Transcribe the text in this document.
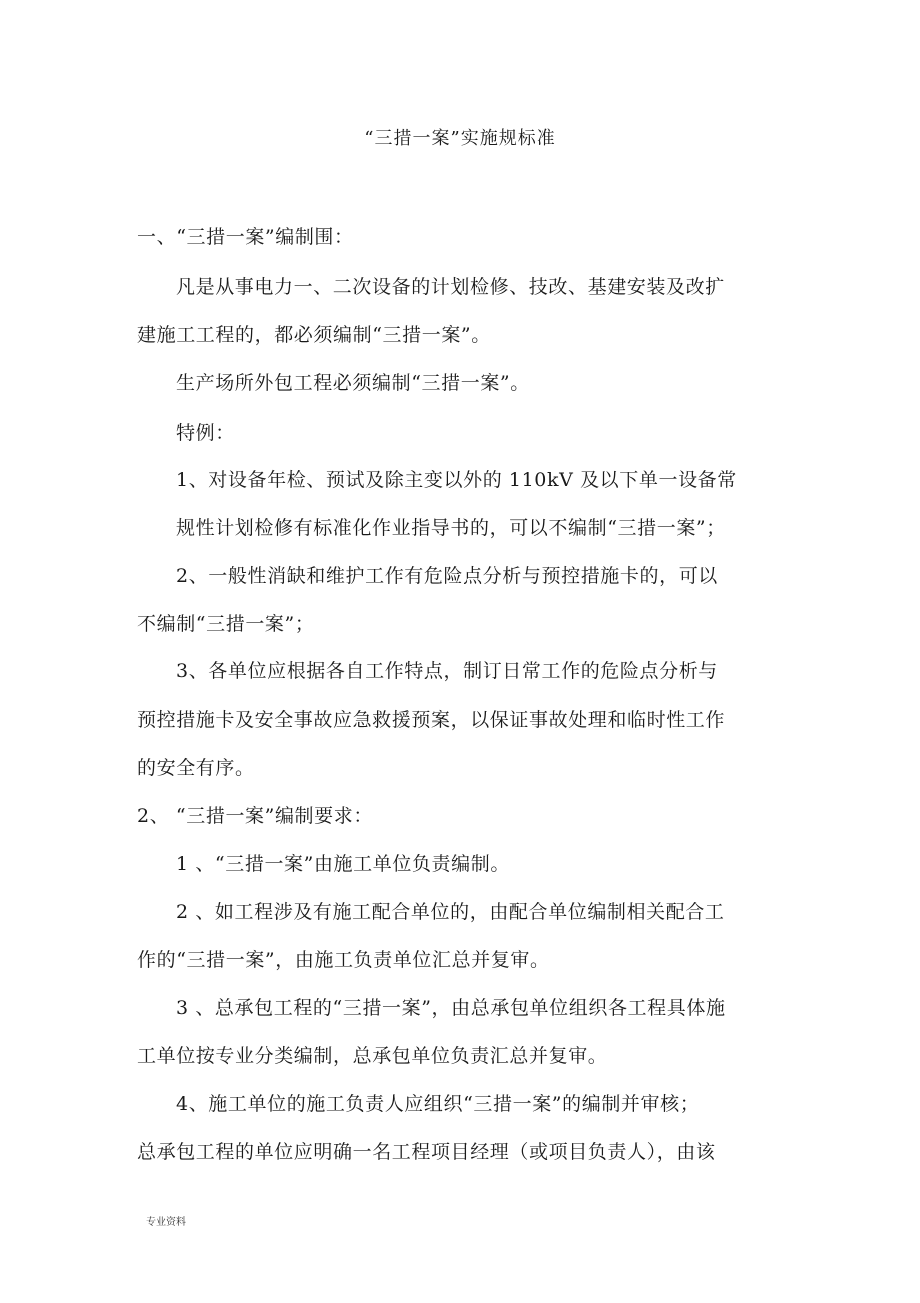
“三措一案”实施规标准
一、“三措一案”编制围：
凡是从事电力一、二次设备的计划检修、技改、基建安装及改扩
建施工工程的，都必须编制“三措一案”。
生产场所外包工程必须编制“三措一案”。
特例：
1、对设备年检、预试及除主变以外的 110kV 及以下单一设备常
规性计划检修有标准化作业指导书的，可以不编制“三措一案”；
2、一般性消缺和维护工作有危险点分析与预控措施卡的，可以
不编制“三措一案”；
3、各单位应根据各自工作特点，制订日常工作的危险点分析与
预控措施卡及安全事故应急救援预案，以保证事故处理和临时性工作
的安全有序。
2、 “三措一案”编制要求：
1 、“三措一案”由施工单位负责编制。
2 、如工程涉及有施工配合单位的，由配合单位编制相关配合工
作的“三措一案”，由施工负责单位汇总并复审。
3 、总承包工程的“三措一案”，由总承包单位组织各工程具体施
工单位按专业分类编制，总承包单位负责汇总并复审。
4、施工单位的施工负责人应组织“三措一案”的编制并审核；
总承包工程的单位应明确一名工程项目经理（或项目负责人），由该
专业资料
